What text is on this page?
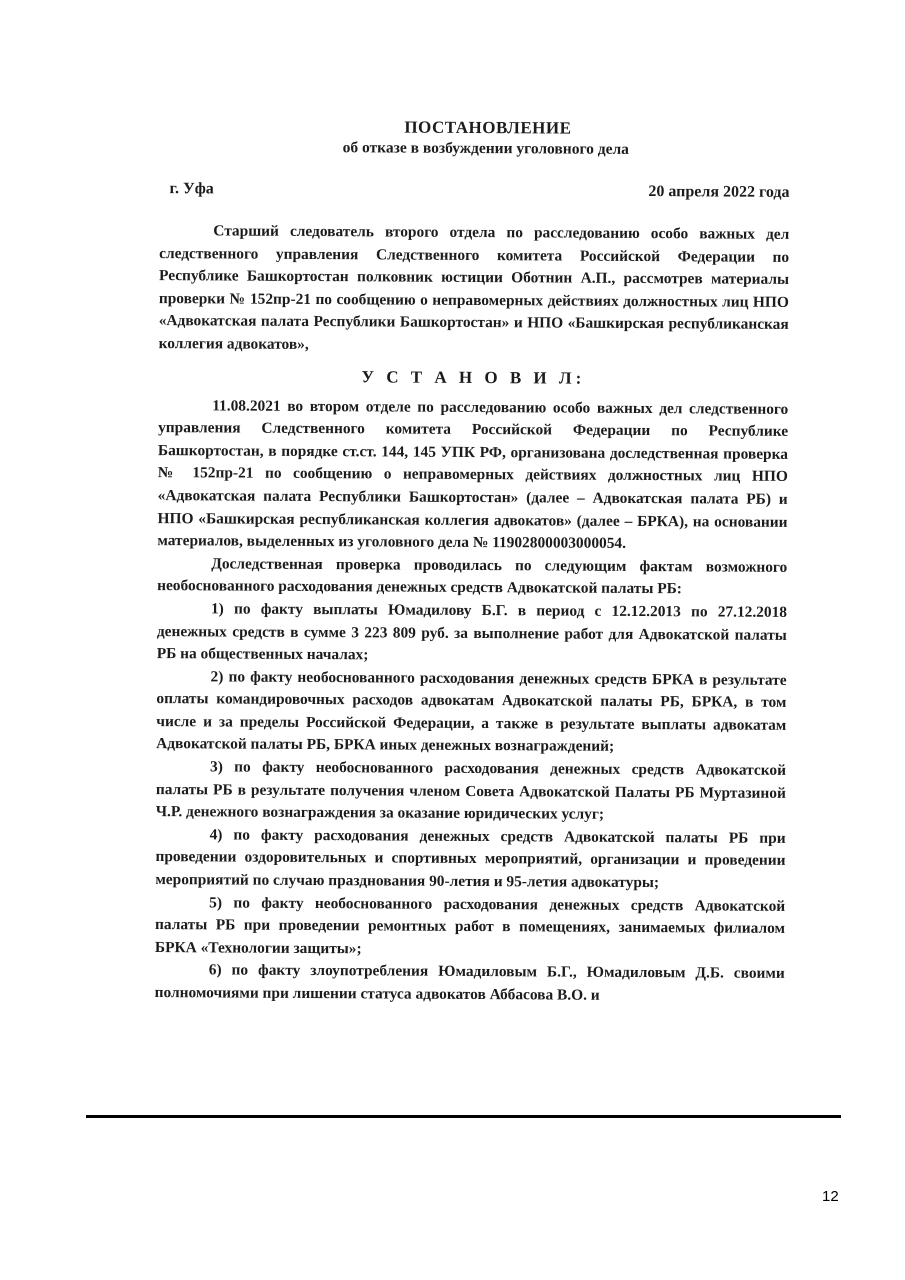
ПОСТАНОВЛЕНИЕ

об отказе в возбуждении уголовного дела

г. Уфа	20 апреля 2022 года

Старший следователь второго отдела по расследованию особо важных дел следственного управления Следственного комитета Российской Федерации по Республике Башкортостан полковник юстиции Оботнин А.П., рассмотрев материалы проверки № 152пр-21 по сообщению о неправомерных действиях должностных лиц НПО «Адвокатская палата Республики Башкортостан» и НПО «Башкирская республиканская коллегия адвокатов»,

У С Т А Н О В И Л:

11.08.2021 во втором отделе по расследованию особо важных дел следственного управления Следственного комитета Российской Федерации по Республике Башкортостан, в порядке ст.ст. 144, 145 УПК РФ, организована доследственная проверка № 152пр-21 по сообщению о неправомерных действиях должностных лиц НПО «Адвокатская палата Республики Башкортостан» (далее – Адвокатская палата РБ) и НПО «Башкирская республиканская коллегия адвокатов» (далее – БРКА), на основании материалов, выделенных из уголовного дела № 11902800003000054.

Доследственная проверка проводилась по следующим фактам возможного необоснованного расходования денежных средств Адвокатской палаты РБ:

1) по факту выплаты Юмадилову Б.Г. в период с 12.12.2013 по 27.12.2018 денежных средств в сумме 3 223 809 руб. за выполнение работ для Адвокатской палаты РБ на общественных началах;

2) по факту необоснованного расходования денежных средств БРКА в результате оплаты командировочных расходов адвокатам Адвокатской палаты РБ, БРКА, в том числе и за пределы Российской Федерации, а также в результате выплаты адвокатам Адвокатской палаты РБ, БРКА иных денежных вознаграждений;

3) по факту необоснованного расходования денежных средств Адвокатской палаты РБ в результате получения членом Совета Адвокатской Палаты РБ Муртазиной Ч.Р. денежного вознаграждения за оказание юридических услуг;

4) по факту расходования денежных средств Адвокатской палаты РБ при проведении оздоровительных и спортивных мероприятий, организации и проведении мероприятий по случаю празднования 90-летия и 95-летия адвокатуры;

5) по факту необоснованного расходования денежных средств Адвокатской палаты РБ при проведении ремонтных работ в помещениях, занимаемых филиалом БРКА «Технологии защиты»;

6) по факту злоупотребления Юмадиловым Б.Г., Юмадиловым Д.Б. своими полномочиями при лишении статуса адвокатов Аббасова В.О. и

12
